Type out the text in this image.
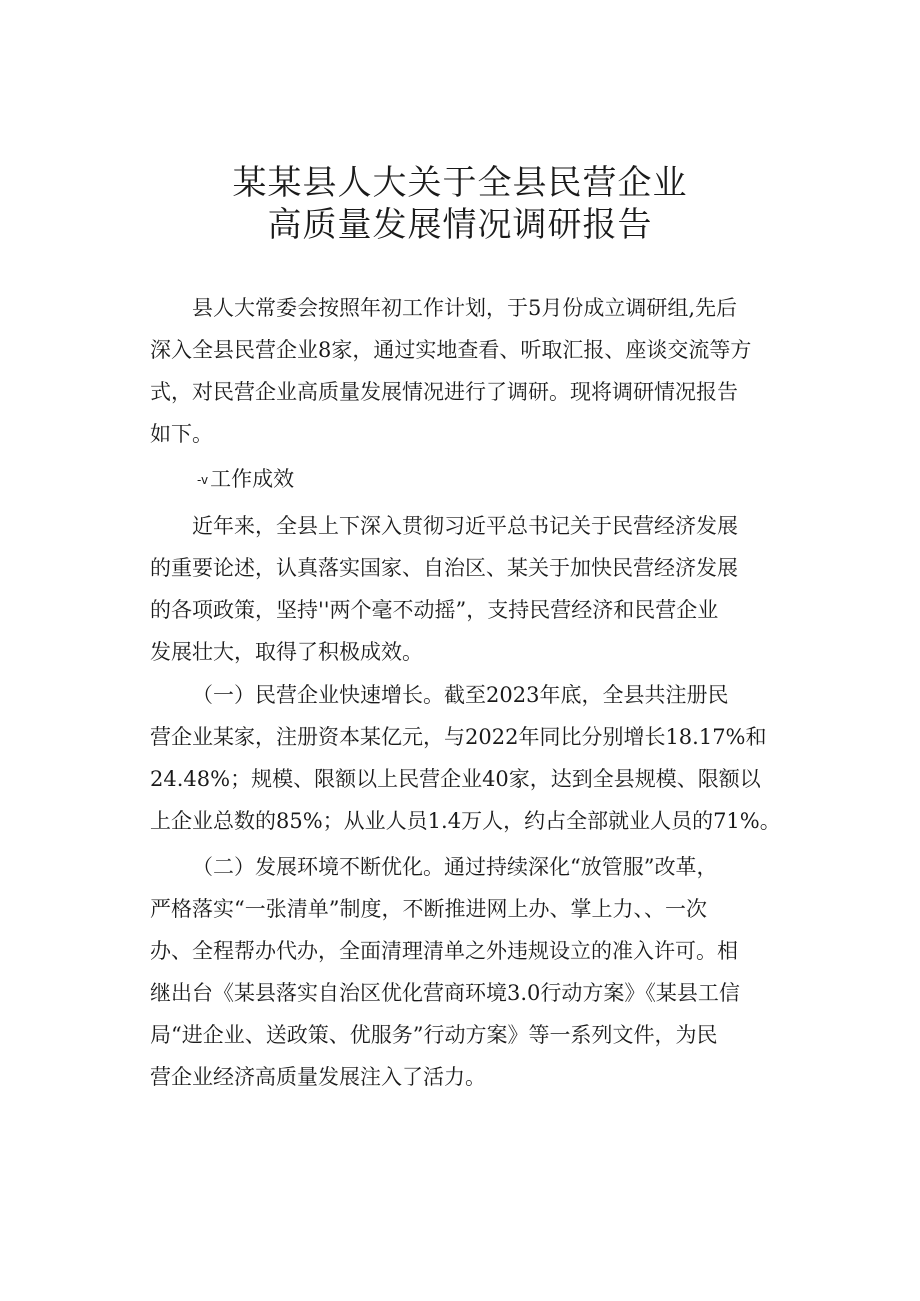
某某县人大关于全县民营企业
高质量发展情况调研报告
县人大常委会按照年初工作计划，于5月份成立调研组,先后
深入全县民营企业8家，通过实地查看、听取汇报、座谈交流等方
式，对民营企业高质量发展情况进行了调研。现将调研情况报告
如下。
-v工作成效
近年来，全县上下深入贯彻习近平总书记关于民营经济发展
的重要论述，认真落实国家、自治区、某关于加快民营经济发展
的各项政策，坚持''两个毫不动摇”，支持民营经济和民营企业
发展壮大，取得了积极成效。
（一）民营企业快速增长。截至2023年底，全县共注册民
营企业某家，注册资本某亿元，与2022年同比分别增长18.17%和
24.48%；规模、限额以上民营企业40家，达到全县规模、限额以
上企业总数的85%；从业人员1.4万人，约占全部就业人员的71%。
（二）发展环境不断优化。通过持续深化“放管服”改革，
严格落实“一张清单”制度，不断推进网上办、掌上力、、一次
办、全程帮办代办，全面清理清单之外违规设立的准入许可。相
继出台《某县落实自治区优化营商环境3.0行动方案》《某县工信
局“进企业、送政策、优服务”行动方案》等一系列文件，为民
营企业经济高质量发展注入了活力。
